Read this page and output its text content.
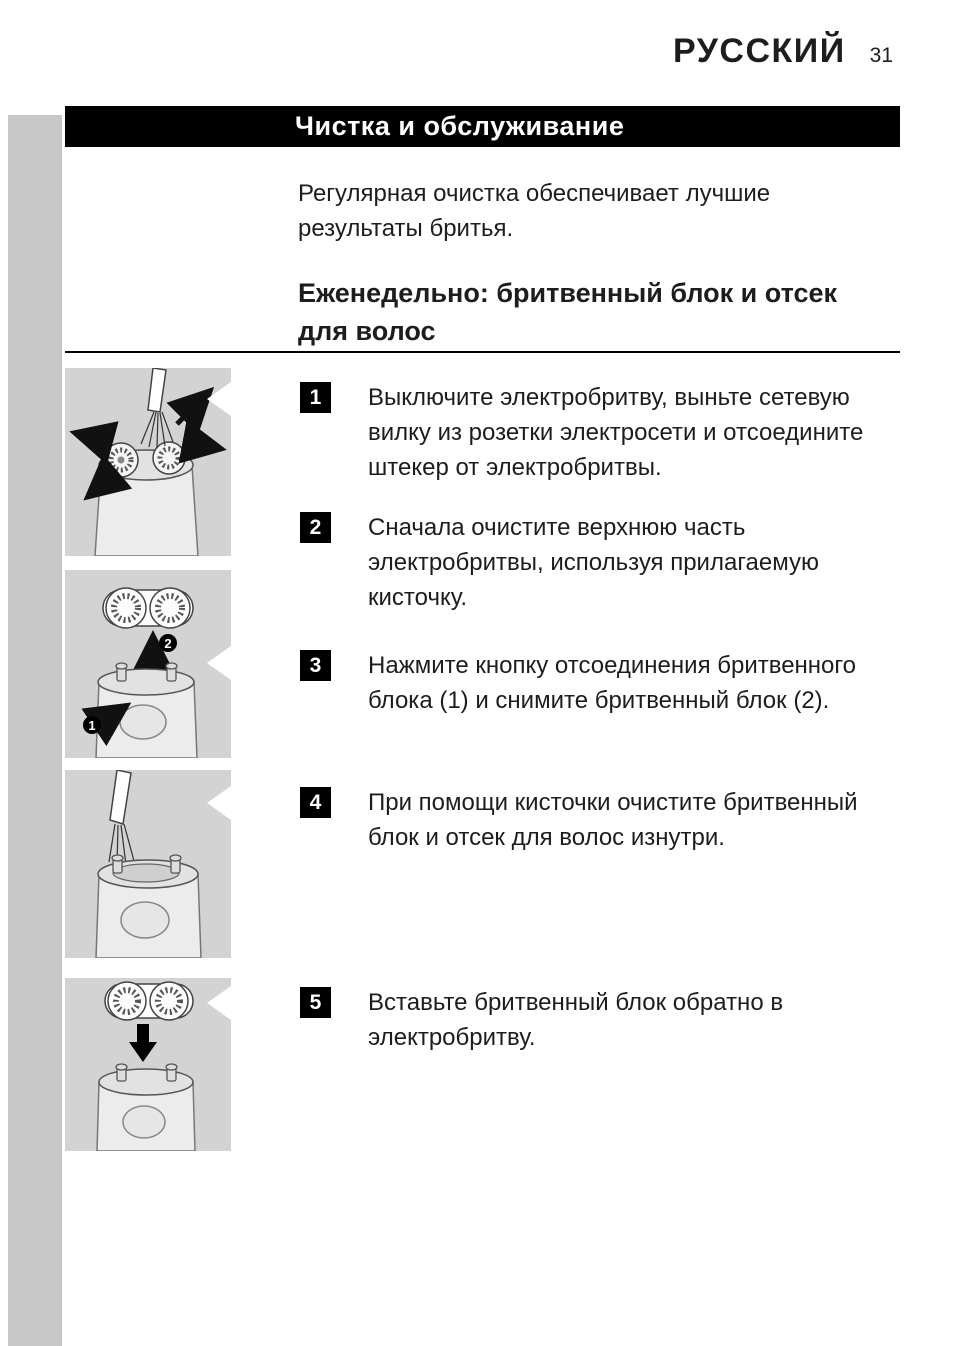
РУССКИЙ 31
Чистка и обслуживание

Регулярная очистка обеспечивает лучшие результаты бритья.

Еженедельно: бритвенный блок и отсек для волос
2
1
1	Выключите электробритву, выньте сетевую вилку из розетки электросети и отсоедините штекер от электробритвы.

2	Сначала очистите верхнюю часть электробритвы, используя прилагаемую кисточку.

3	Нажмите кнопку отсоединения бритвенного блока (1) и снимите бритвенный блок (2).

4	При помощи кисточки очистите бритвенный блок и отсек для волос изнутри.

5	Вставьте бритвенный блок обратно в электробритву.
